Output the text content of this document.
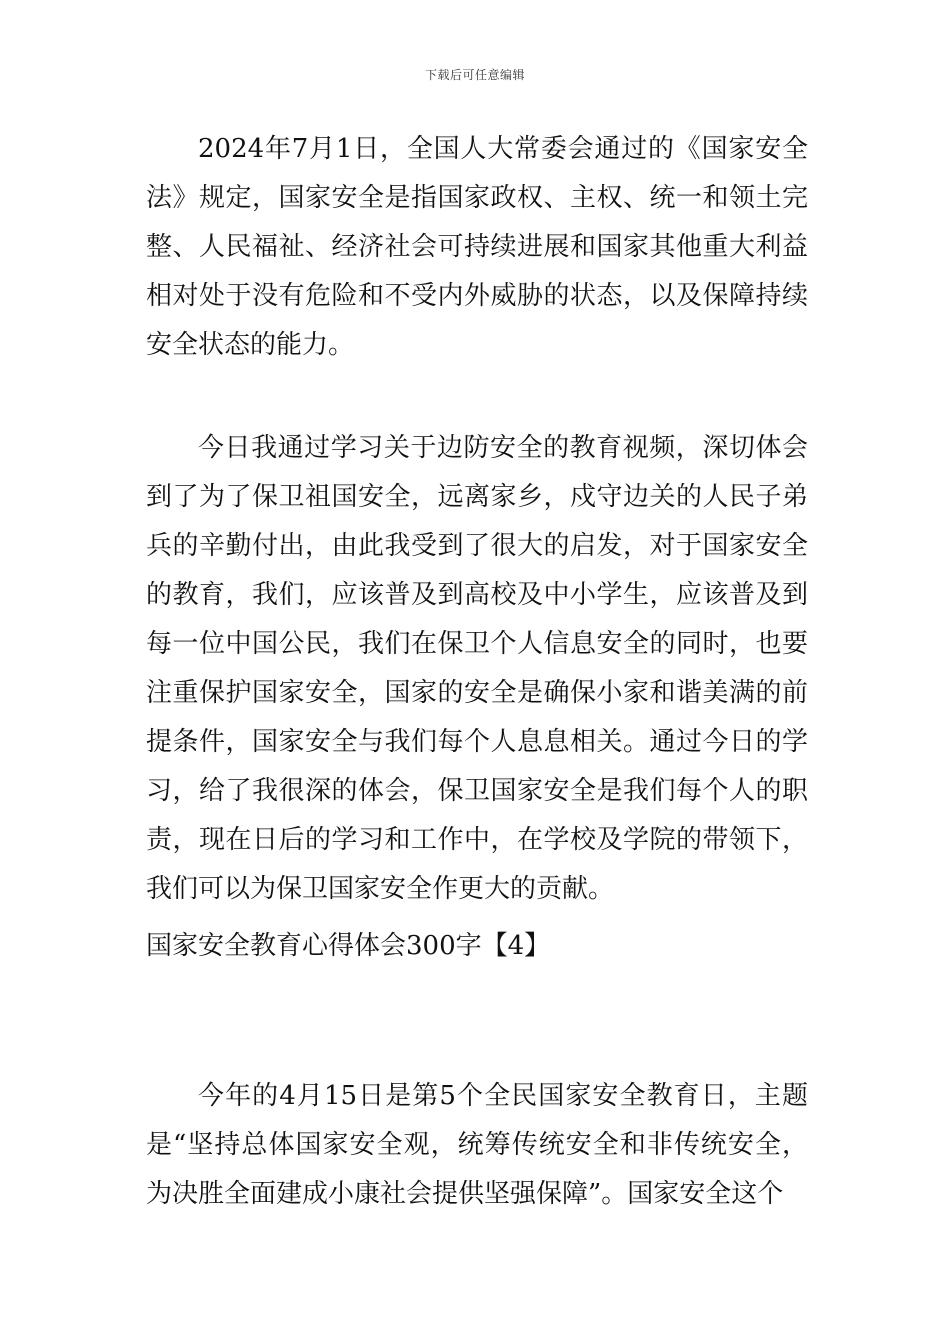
下载后可任意编辑

2024年7月1日，全国人大常委会通过的《国家安全法》规定，国家安全是指国家政权、主权、统一和领土完整、人民福祉、经济社会可持续进展和国家其他重大利益相对处于没有危险和不受内外威胁的状态，以及保障持续安全状态的能力。

今日我通过学习关于边防安全的教育视频，深切体会到了为了保卫祖国安全，远离家乡，戍守边关的人民子弟兵的辛勤付出，由此我受到了很大的启发，对于国家安全的教育，我们，应该普及到高校及中小学生，应该普及到每一位中国公民，我们在保卫个人信息安全的同时，也要注重保护国家安全，国家的安全是确保小家和谐美满的前提条件，国家安全与我们每个人息息相关。通过今日的学习，给了我很深的体会，保卫国家安全是我们每个人的职责，现在日后的学习和工作中，在学校及学院的带领下，我们可以为保卫国家安全作更大的贡献。

国家安全教育心得体会300字【4】

今年的4月15日是第5个全民国家安全教育日，主题是“坚持总体国家安全观，统筹传统安全和非传统安全，为决胜全面建成小康社会提供坚强保障”。国家安全这个
